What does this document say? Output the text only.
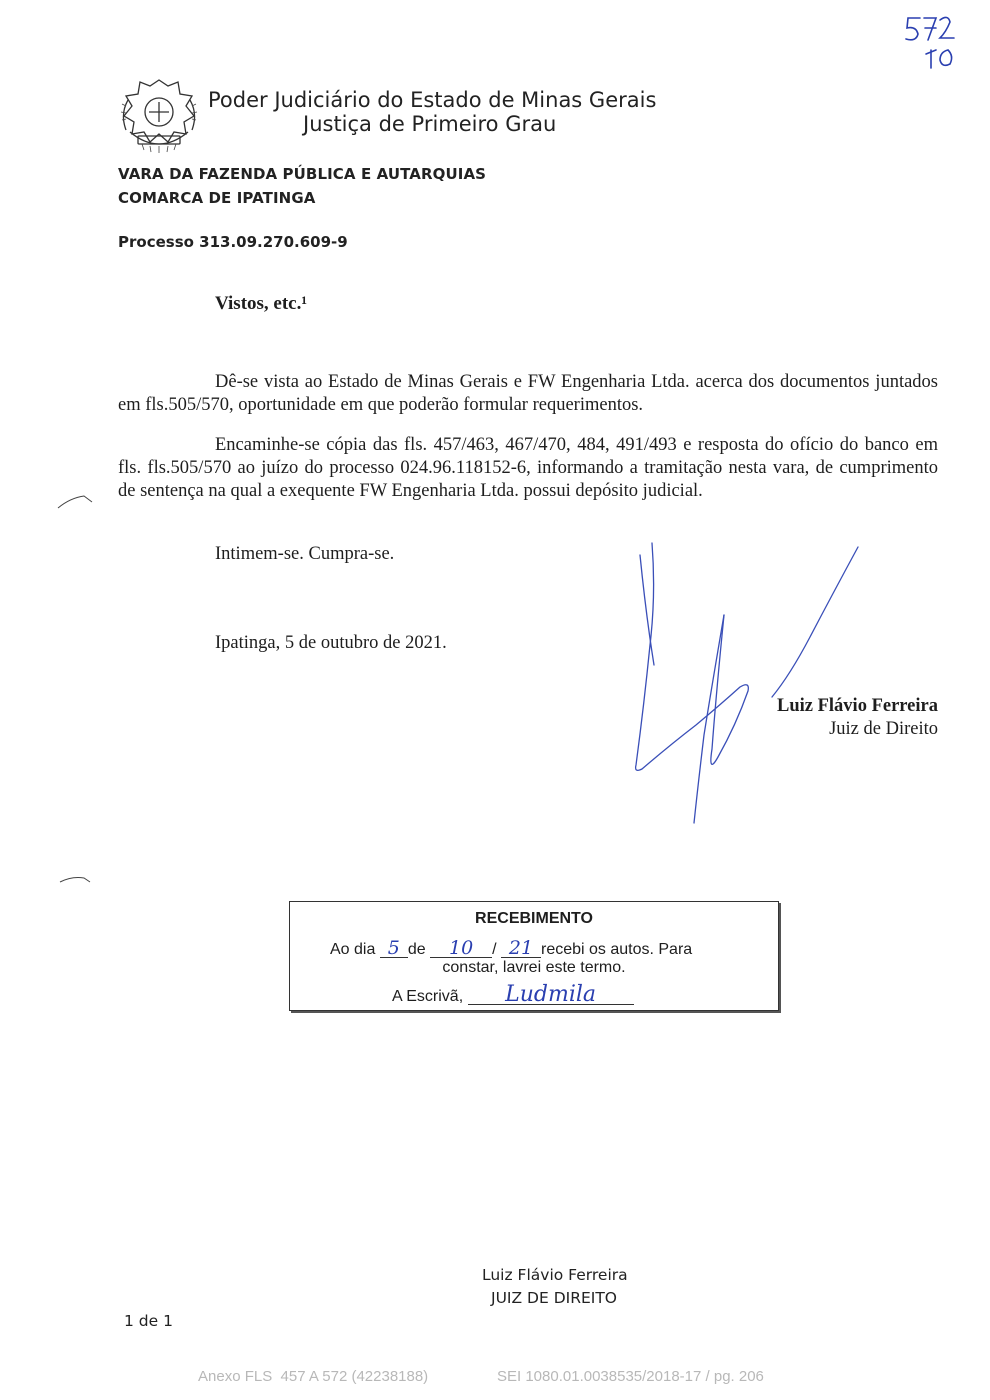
Poder Judiciário do Estado de Minas Gerais
Justiça de Primeiro Grau
VARA DA FAZENDA PÚBLICA E AUTARQUIAS
COMARCA DE IPATINGA
Processo 313.09.270.609-9
Vistos, etc.¹
Dê-se vista ao Estado de Minas Gerais e FW Engenharia Ltda. acerca dos documentos juntados em fls.505/570, oportunidade em que poderão formular requerimentos.
Encaminhe-se cópia das fls. 457/463, 467/470, 484, 491/493 e resposta do ofício do banco em fls. fls.505/570 ao juízo do processo 024.96.118152-6, informando a tramitação nesta vara, de cumprimento de sentença na qual a exequente FW Engenharia Ltda. possui depósito judicial.
Intimem-se. Cumpra-se.
Ipatinga, 5 de outubro de 2021.
Luiz Flávio Ferreira
Juiz de Direito
RECEBIMENTO
Ao dia 5 de 10 / 21 recebi os autos. Para
constar, lavrei este termo.
A Escrivã, Ludmila
Luiz Flávio Ferreira
JUIZ DE DIREITO
1 de 1
Anexo FLS  457 A 572 (42238188)	SEI 1080.01.0038535/2018-17 / pg. 206
